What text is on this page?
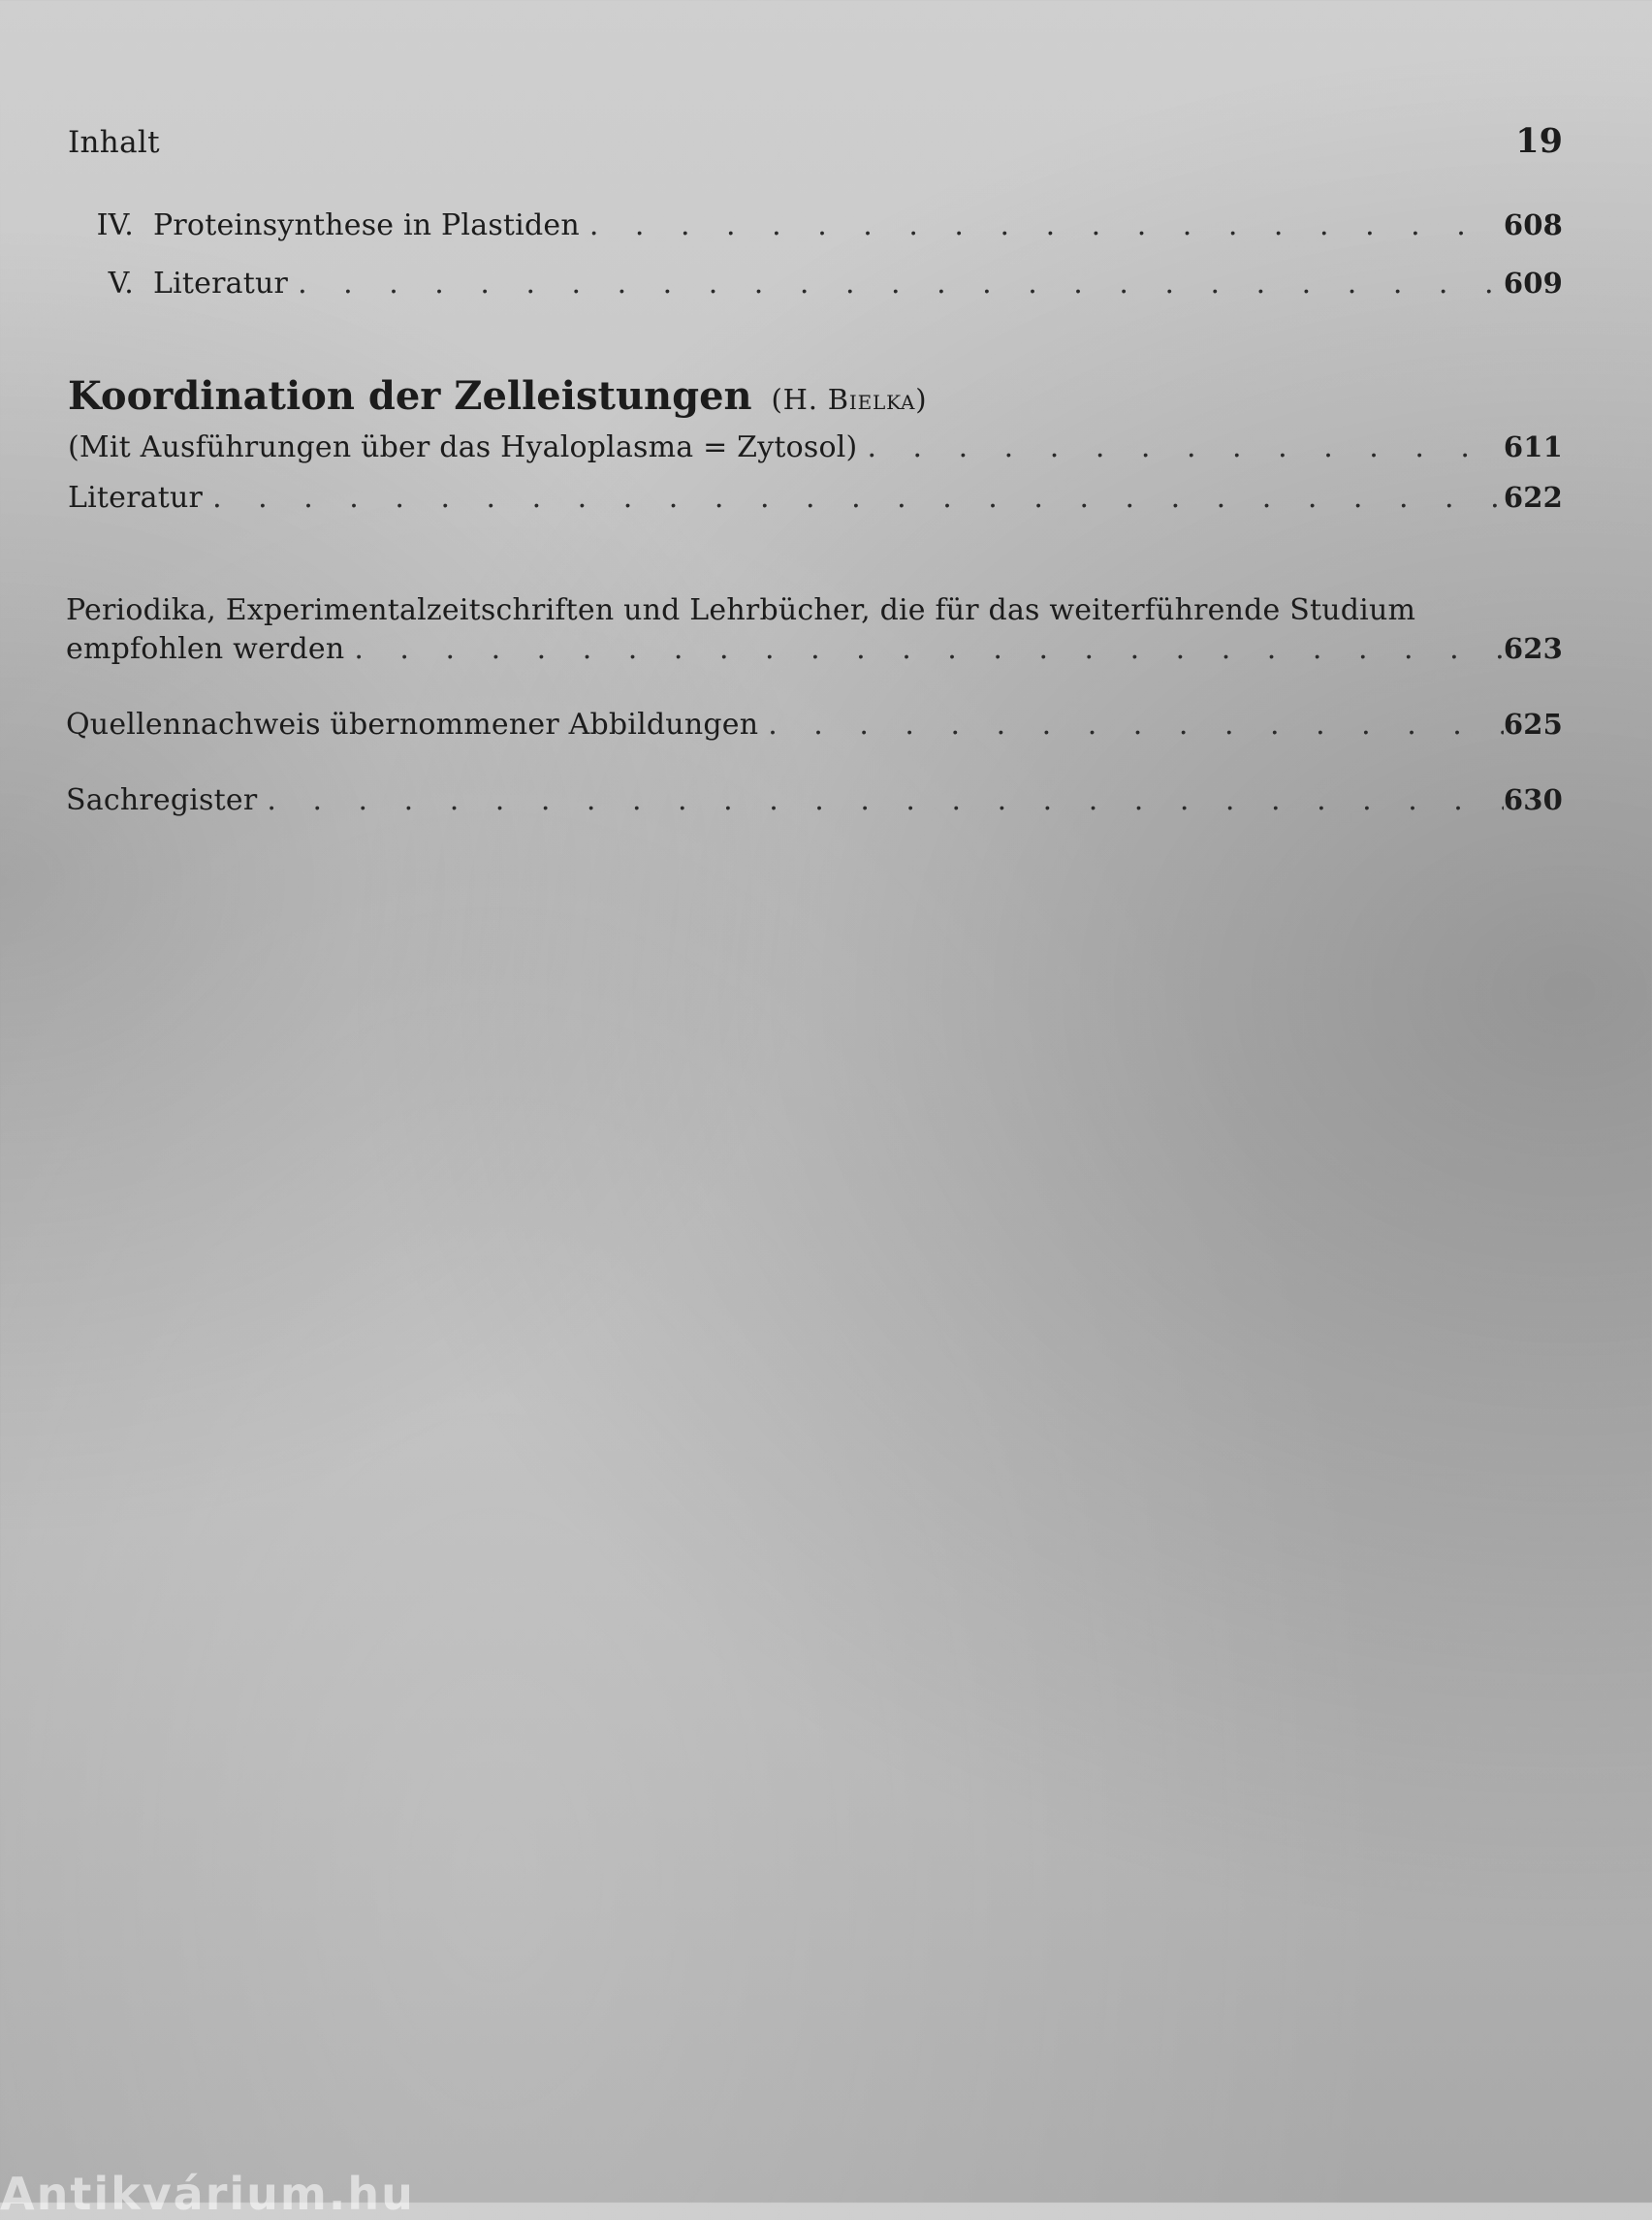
Inhalt	19
IV. Proteinsynthese in Plastiden . . .	608
V. Literatur . . .	609
Koordination der Zelleistungen (H. Bielka)
(Mit Ausführungen über das Hyaloplasma = Zytosol) . . .	611
Literatur . . .	622
Periodika, Experimentalzeitschriften und Lehrbücher, die für das weiterführende Studium
empfohlen werden . . .	623
Quellennachweis übernommener Abbildungen . . .	625
Sachregister . . .	630
Antikvárium.hu
